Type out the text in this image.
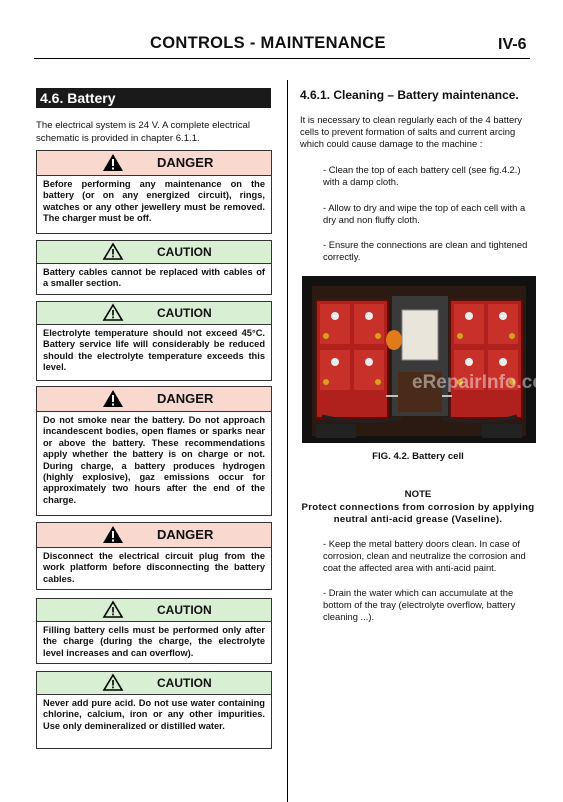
CONTROLS - MAINTENANCE	IV-6
4.6. Battery
The electrical system is 24 V. A complete electrical schematic is provided in chapter 6.1.1.
DANGER
Before performing any maintenance on the battery (or on any energized circuit), rings, watches or any other jewellery must be removed. The charger must be off.
CAUTION
Battery cables cannot be replaced with cables of a smaller section.
CAUTION
Electrolyte temperature should not exceed 45°C. Battery service life will considerably be reduced should the electrolyte temperature exceeds this level.
DANGER
Do not smoke near the battery. Do not approach incandescent bodies, open flames or sparks near or above the battery. These recommendations apply whether the battery is on charge or not. During charge, a battery produces hydrogen (highly explosive), gaz emissions occur for approximately two hours after the end of the charge.
DANGER
Disconnect the electrical circuit plug from the work platform before disconnecting the battery cables.
CAUTION
Filling battery cells must be performed only after the charge (during the charge, the electrolyte level increases and can overflow).
CAUTION
Never add pure acid. Do not use water containing chlorine, calcium, iron or any other impurities. Use only demineralized or distilled water.
4.6.1. Cleaning – Battery maintenance.
It is necessary to clean regularly each of the 4 battery cells to prevent formation of salts and current arcing which could cause damage to the machine :
- Clean the top of each battery cell (see fig.4.2.) with a damp cloth.
- Allow to dry and wipe the top of each cell with a dry and non fluffy cloth.
- Ensure the connections are clean and tightened correctly.
eRepairInfo.com
FIG. 4.2. Battery cell
NOTE
Protect connections from corrosion by applying neutral anti-acid grease (Vaseline).
- Keep the metal battery doors clean. In case of corrosion, clean and neutralize the corrosion and coat the affected area with anti-acid paint.
- Drain the water which can accumulate at the bottom of the tray (electrolyte overflow, battery cleaning ...).
